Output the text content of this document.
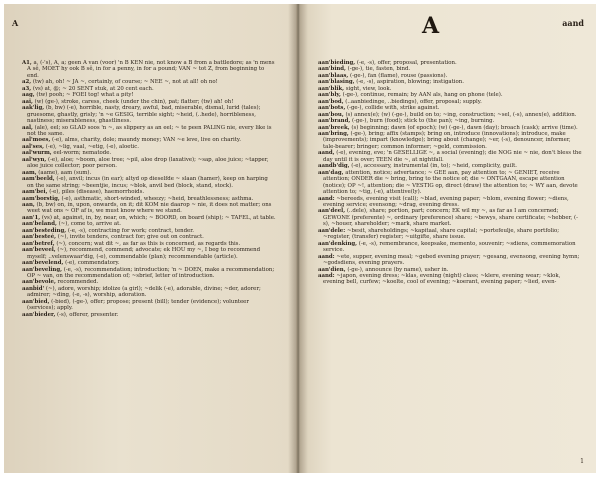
A

A1, a, (-'s), A, a; geen A van (voor) 'n B KEN nie, not know a B from a battledore; as 'n mens A sê, MOET hy ook B sê, in for a penny, in for a pound; VAN ~ tot Z, from beginning to end.

a2, (tw) ah, oh! ~ JA ~, certainly, of course; ~ NEE ~, not at all! oh no!

a3, (vs) at, @; ~ 20 SENT stuk, at 20 cent each.

aag, (tw) pooh; ~ FOEI tog! what a pity!

aai, (w) (ge-), stroke, caress, cheek (under the chin), pat; flatter; (tw) ah! oh!

aak'lig, (b, bw) (-e), horrible, nasty, dreary, awful, bad, miserable, dismal, lurid (tales); gruesome, ghastly, grisly; 'n ~e GESIG, terrible sight; ~heid, (..hede), horribleness, nastiness; miserableness, ghastliness.

aal, (ale), eel; so GLAD soos 'n ~, as slippery as an eel; ~ te peen PALING nie, every like is not the same.

aal'moes, (-e), alms, charity, dole; maundy money; VAN ~e leve, live on charity.

aal'ses, (-e), ~lig, vaal, ~etig, (-e), aloetic.

aal'wurm, eel-worm; nematode.

aal'wyn, (-e), aloe; ~boom, aloe tree; ~pil, aloe drop (laxative); ~sap, aloe juice; ~tapper, aloe juice collector; poor person.

aam, (aame), aam (sum).

aam'beeld, (-e), anvil; incus (in ear); altyd op dieselfde ~ slaan (hamer), keep on harping on the same string; ~beentjie, incus; ~blok, anvil bed (block, stand, stock).

aam'bei, (-e), piles (disease), haemorrhoids.

aam'borstig, (-e), asthmatic, short-winded, wheezy; ~heid, breathlessness; asthma.

aan, (b, bw) on, in, upon, onwards, on it; dit KOM nie daarop ~ nie, it does not matter; ons weet wat ons ~ OF af is, we must know where we stand.

aan'1, (vs) at, against, in, by, near, on, which; ~ BOORD, on board (ship); ~ TAFEL, at table.

aan'beland, (~), come to, arrive at.

aan'besteding, (-e, -s), contracting for work; contract, tender.

aan'besteé, (~), invite tenders, contract for; give out on contract.

aan'betref, (~), concern; wat dit ~, as far as this is concerned, as regards this.

aan'beveel, (~), recommend, commend; advocate; ek HOU my ~, I beg to recommend myself; ..velenswaar'dig, (-e), commendable (plan); recommendable (article).

aan'bevelend, (-e), commendatory.

aan'beveling, (-e, -s), recommendation; introduction; 'n ~ DOEN, make a recommendation; OP ~ van, on the recommendation of; ~sbrief, letter of introduction.

aan'bevole, recommended.

aanbid' (~), adore, worship; idolize (a girl); ~delik (-e), adorable, divine; ~der, adorer; admirer; ~ding, (-e, -s), worship, adoration.

aan'bied, (-bied), (-ge-), offer; propose; present (bill); tender (evidence); volunteer (services); apply.

aan'bieder, (-s), offerer, presenter.

A	aand

aan'bieding, (-e, -s), offer, proposal, presentation.

aan'bind, (-ge-), tie, fasten, bind.

aan'blaas, (-ge-), fan (flame), rouse (passions).

aan'blasing, (-e, -s), aspiration, blowing; instigation.

aan'blik, sight, view, look.

aan'bly, (-ge-), continue, remain; by AAN als, hang on phone (tele).

aan'bod, (..aanbiedinge, ..biedings), offer, proposal; supply.

aan'bots, (-ge-), collide with, strike against.

aan'bou, (s) annex(e); (w) (-ge-), build on to; ~ing, construction; ~sel, (-s), annex(e), addition.

aan'brand, (-ge-), burn (food); stick to (the pan); ~ing, burning.

aan'breek, (s) beginning; dawn (of epoch); (w) (-ge-), dawn (day); broach (cask); arrive (time).

aan'bring, (-ge-), bring; affix (stamps); bring on, introduce (innovations); introduce, make (improvements); impart (knowledge); bring about (change); ~er, (-s), denouncer, informer, tale-bearer; bringer; common informer; ~geld, commission.

aand, (-e), evening, eve; 'n GESELLIGE ~, a social (evening); die NOG nie ~ nie, don't bless the day until it is over; TEEN die ~, at nightfall.

aandb'dig, (-e), accessary, instrumental (in, to); ~heid, complicity, guilt.

aan'dag, attention, notice; advertance; ~ GEE aan, pay attention to; ~ GENIET, receive attention; ONDER die ~ bring, bring to the notice of; die ~ ONTGAAN, escape attention (notice); OP ~!, attention; die ~ VESTIG op, direct (draw) the attention to; ~ WY aan, devote attention to; ~tig, (-e), attentive(ly).

aand: ~bereeds, evening visit (call); ~blad, evening paper; ~blom, evening flower; ~diens, evening service; evensong; ~drag, evening dress.

aan'deel, (..dele), share; portion, part; concern; EK wil my ~, as far as I am concerned; GEWONE (preferente) ~, ordinary (preference) share; ~bewys, share certificate; ~hebber, (-s), ~houer, shareholder; ~mark, share market.

aan'dele: ~besit, shareholdings; ~kapitaal, share capital; ~portefeulje, share portfolio; ~register, (transfer) register; ~uitgifte, share issue.

aan'denking, (-e, -s), remembrance, keepsake, memento, souvenir; ~sdiens, commemoration service.

aand: ~ete, supper, evening meal; ~gebed evening prayer; ~gesang, evensong, evening hymn; ~godsdiens, evening prayers.

aan'dien, (-ge-), announce (by name), usher in.

aand: ~japon, evening dress; ~klas, evening (night) class; ~klere, evening wear; ~klok, evening bell, curfew; ~koelte, cool of evening; ~koerant, evening paper; ~lied, even-

1
